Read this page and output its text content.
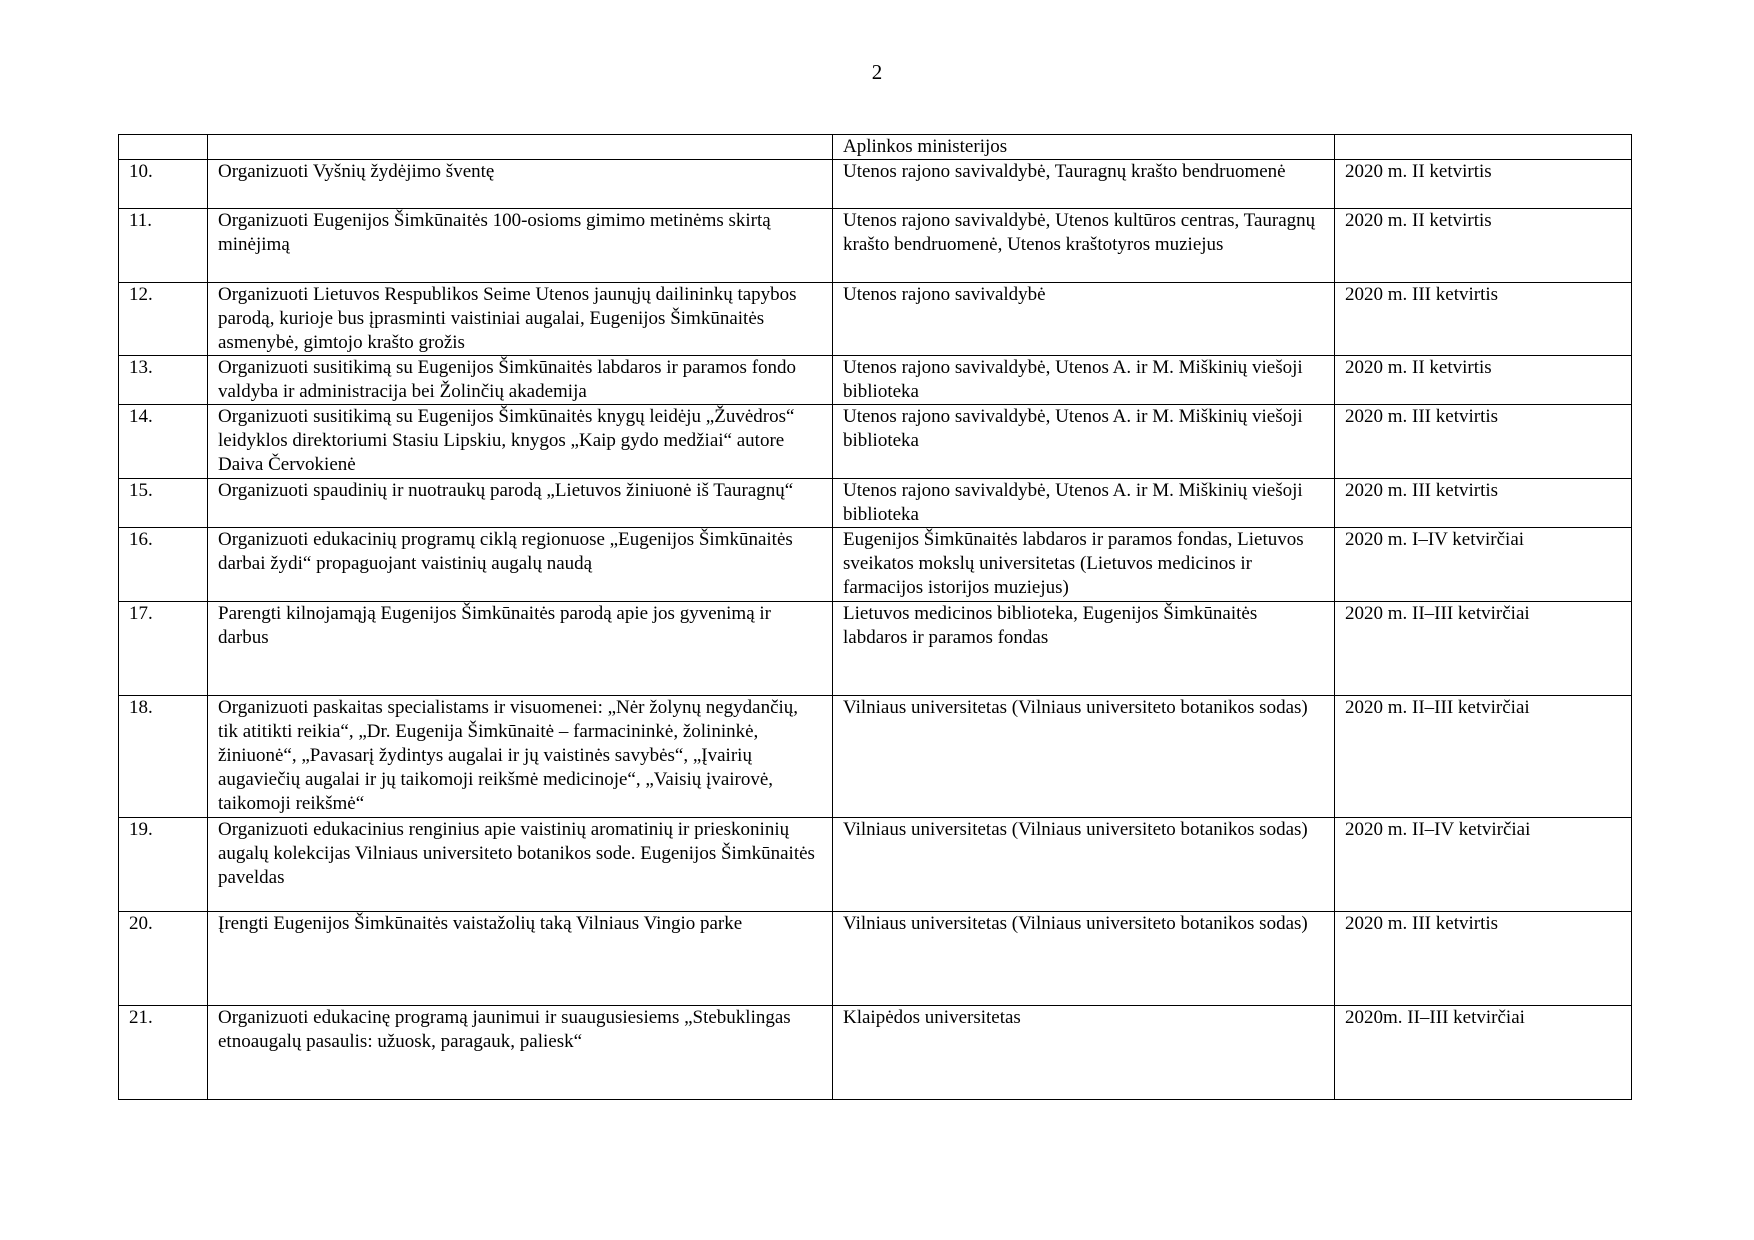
2
		Aplinkos ministerijos	
10.	Organizuoti Vyšnių žydėjimo šventę	Utenos rajono savivaldybė, Tauragnų krašto bendruomenė	2020 m. II ketvirtis
11.	Organizuoti Eugenijos Šimkūnaitės 100-osioms gimimo metinėms skirtą minėjimą	Utenos rajono savivaldybė, Utenos kultūros centras, Tauragnų krašto bendruomenė, Utenos kraštotyros muziejus	2020 m. II ketvirtis
12.	Organizuoti Lietuvos Respublikos Seime Utenos jaunųjų dailininkų tapybos parodą, kurioje bus įprasminti vaistiniai augalai, Eugenijos Šimkūnaitės asmenybė, gimtojo krašto grožis	Utenos rajono savivaldybė	2020 m. III ketvirtis
13.	Organizuoti susitikimą su Eugenijos Šimkūnaitės labdaros ir paramos fondo valdyba ir administracija bei Žolinčių akademija	Utenos rajono savivaldybė, Utenos A. ir M. Miškinių viešoji biblioteka	2020 m. II ketvirtis
14.	Organizuoti susitikimą su Eugenijos Šimkūnaitės knygų leidėju „Žuvėdros“ leidyklos direktoriumi Stasiu Lipskiu, knygos „Kaip gydo medžiai“ autore Daiva Červokienė	Utenos rajono savivaldybė, Utenos A. ir M. Miškinių viešoji biblioteka	2020 m. III ketvirtis
15.	Organizuoti spaudinių ir nuotraukų parodą „Lietuvos žiniuonė iš Tauragnų“	Utenos rajono savivaldybė, Utenos A. ir M. Miškinių viešoji biblioteka	2020 m. III ketvirtis
16.	Organizuoti edukacinių programų ciklą regionuose „Eugenijos Šimkūnaitės darbai žydi“ propaguojant vaistinių augalų naudą	Eugenijos Šimkūnaitės labdaros ir paramos fondas, Lietuvos sveikatos mokslų universitetas (Lietuvos medicinos ir farmacijos istorijos muziejus)	2020 m. I–IV ketvirčiai
17.	Parengti kilnojamąją Eugenijos Šimkūnaitės parodą apie jos gyvenimą ir darbus	Lietuvos medicinos biblioteka, Eugenijos Šimkūnaitės labdaros ir paramos fondas	2020 m. II–III ketvirčiai
18.	Organizuoti paskaitas specialistams ir visuomenei: „Nėr žolynų negydančių, tik atitikti reikia“, „Dr. Eugenija Šimkūnaitė – farmacininkė, žolininkė, žiniuonė“, „Pavasarį žydintys augalai ir jų vaistinės savybės“, „Įvairių augaviečių augalai ir jų taikomoji reikšmė medicinoje“, „Vaisių įvairovė, taikomoji reikšmė“	Vilniaus universitetas (Vilniaus universiteto botanikos sodas)	2020 m. II–III ketvirčiai
19.	Organizuoti edukacinius renginius apie vaistinių aromatinių ir prieskoninių augalų kolekcijas Vilniaus universiteto botanikos sode. Eugenijos Šimkūnaitės paveldas	Vilniaus universitetas (Vilniaus universiteto botanikos sodas)	2020 m. II–IV ketvirčiai
20.	Įrengti Eugenijos Šimkūnaitės vaistažolių taką Vilniaus Vingio parke	Vilniaus universitetas (Vilniaus universiteto botanikos sodas)	2020 m. III ketvirtis
21.	Organizuoti edukacinę programą jaunimui ir suaugusiesiems „Stebuklingas etnoaugalų pasaulis: užuosk, paragauk, paliesk“	Klaipėdos universitetas	2020m. II–III ketvirčiai
